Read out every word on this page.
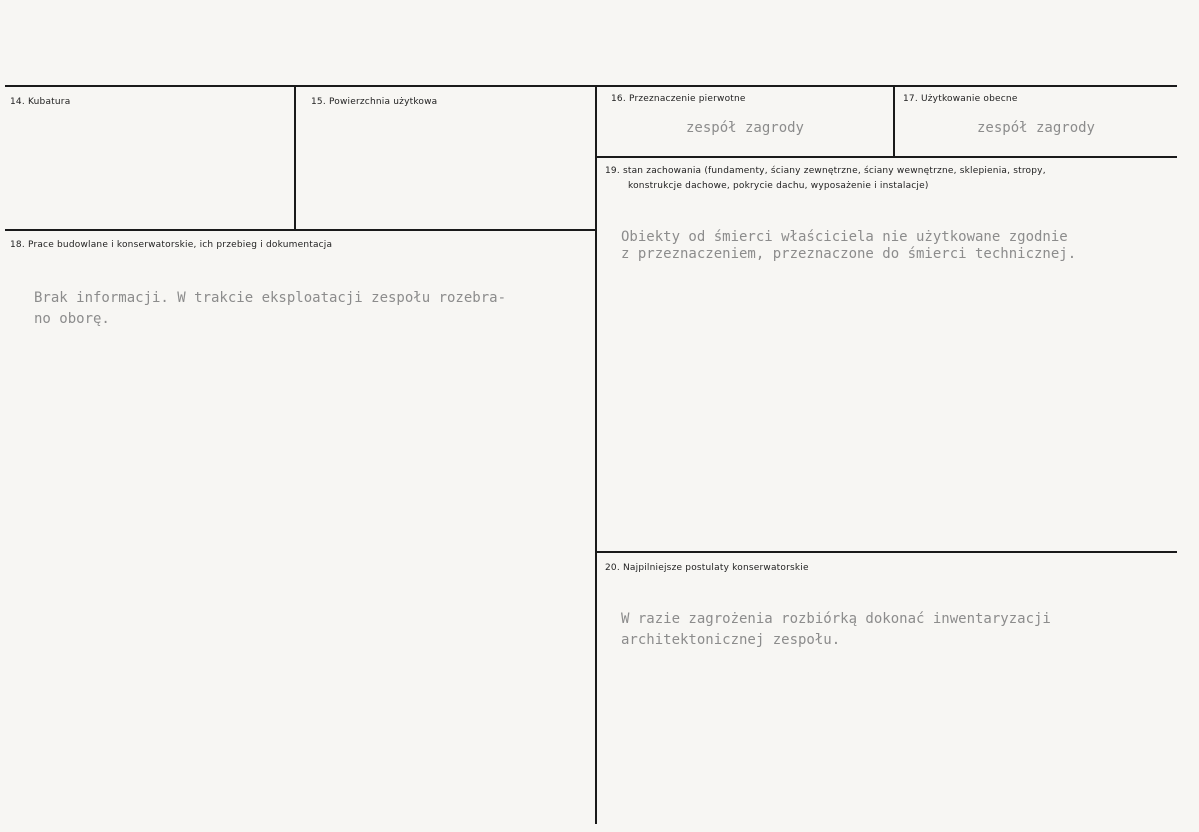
14. Kubatura	15. Powierzchnia użytkowa	16. Przeznaczenie pierwotne
zespół zagrody
17. Użytkowanie obecne
zespół zagrody
18. Prace budowlane i konserwatorskie, ich przebieg i dokumentacja
Brak informacji. W trakcie eksploatacji zespołu rozebra-
no oborę.
19. stan zachowania (fundamenty, ściany zewnętrzne, ściany wewnętrzne, sklepienia, stropy,
konstrukcje dachowe, pokrycie dachu, wyposażenie i instalacje)
Obiekty od śmierci właściciela nie użytkowane zgodnie
z przeznaczeniem, przeznaczone do śmierci technicznej.
20. Najpilniejsze postulaty konserwatorskie
W razie zagrożenia rozbiórką dokonać inwentaryzacji
architektonicznej zespołu.
